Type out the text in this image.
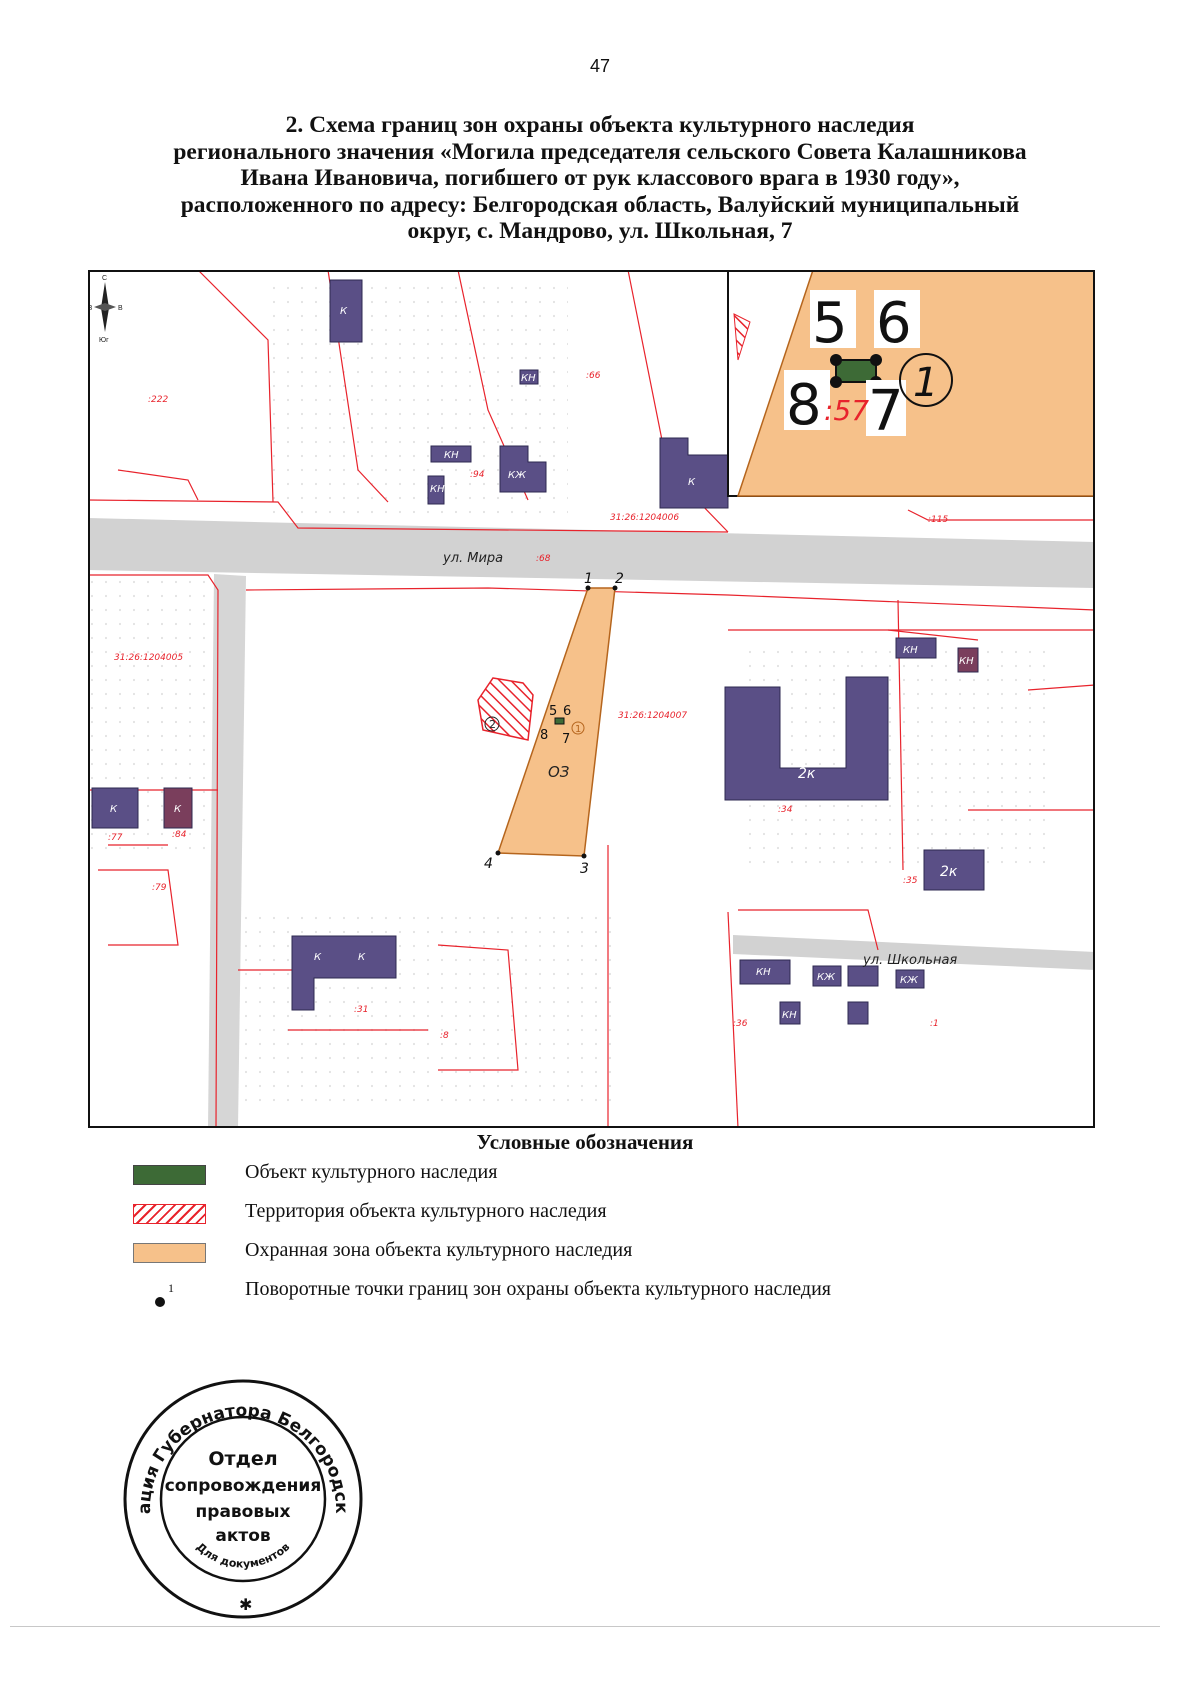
47
2. Схема границ зон охраны объекта культурного наследия
регионального значения «Могила председателя сельского Совета Калашникова
Ивана Ивановича, погибшего от рук классового врага в 1930 году»,
расположенного по адресу: Белгородская область, Валуйский муниципальный
округ, с. Мандрово, ул. Школьная, 7
К
КН
КН
КН
КЖ
К
КН
КН
К	К
К	К
КН	КЖ	КЖ
КН
2к
2к
:222
:66
:94
:115
:68
:34
:35
:77	:84
:79
:31
:36	:1
:8
31:26:1204006
31:26:1204005
31:26:1204007
ул. Мира
ул. Школьная
С
З	В
Юг
ОЗ
2
5 6
8 7
1
1 2
3
4
5 6
8 7
:57
1
Условные обозначения
Объект культурного наследия
Территория объекта культурного наследия
Охранная зона объекта культурного наследия
1	Поворотные точки границ зон охраны объекта культурного наследия
ация Губернатора Белгородск
Для документов
Отдел
сопровождения
правовых
актов
✱
